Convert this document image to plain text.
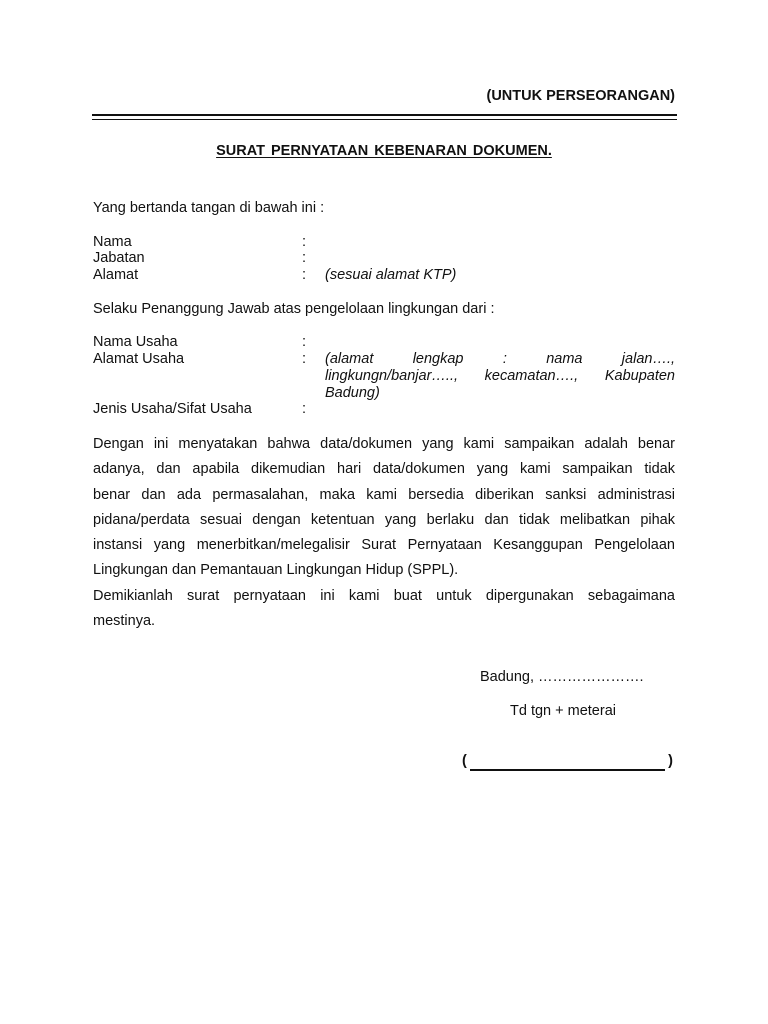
(UNTUK PERSEORANGAN)
SURAT PERNYATAAN KEBENARAN DOKUMEN.
Yang bertanda tangan di bawah ini :
Nama	:
Jabatan	:
Alamat	: (sesuai alamat KTP)
Selaku Penanggung Jawab atas pengelolaan lingkungan dari :
Nama Usaha	:
Alamat Usaha	: (alamat lengkap : nama jalan….,
lingkungn/banjar….., kecamatan…., Kabupaten
Badung)
Jenis Usaha/Sifat Usaha	:
Dengan ini menyatakan bahwa data/dokumen yang kami sampaikan adalah benar
adanya, dan apabila dikemudian hari data/dokumen yang kami sampaikan tidak
benar dan ada permasalahan, maka kami bersedia diberikan sanksi administrasi
pidana/perdata sesuai dengan ketentuan yang berlaku dan tidak melibatkan pihak
instansi yang menerbitkan/melegalisir Surat Pernyataan Kesanggupan Pengelolaan
Lingkungan dan Pemantauan Lingkungan Hidup (SPPL).
Demikianlah surat pernyataan ini kami buat untuk dipergunakan sebagaimana
mestinya.
Badung, ………………….
Td tgn + meterai
(	)
